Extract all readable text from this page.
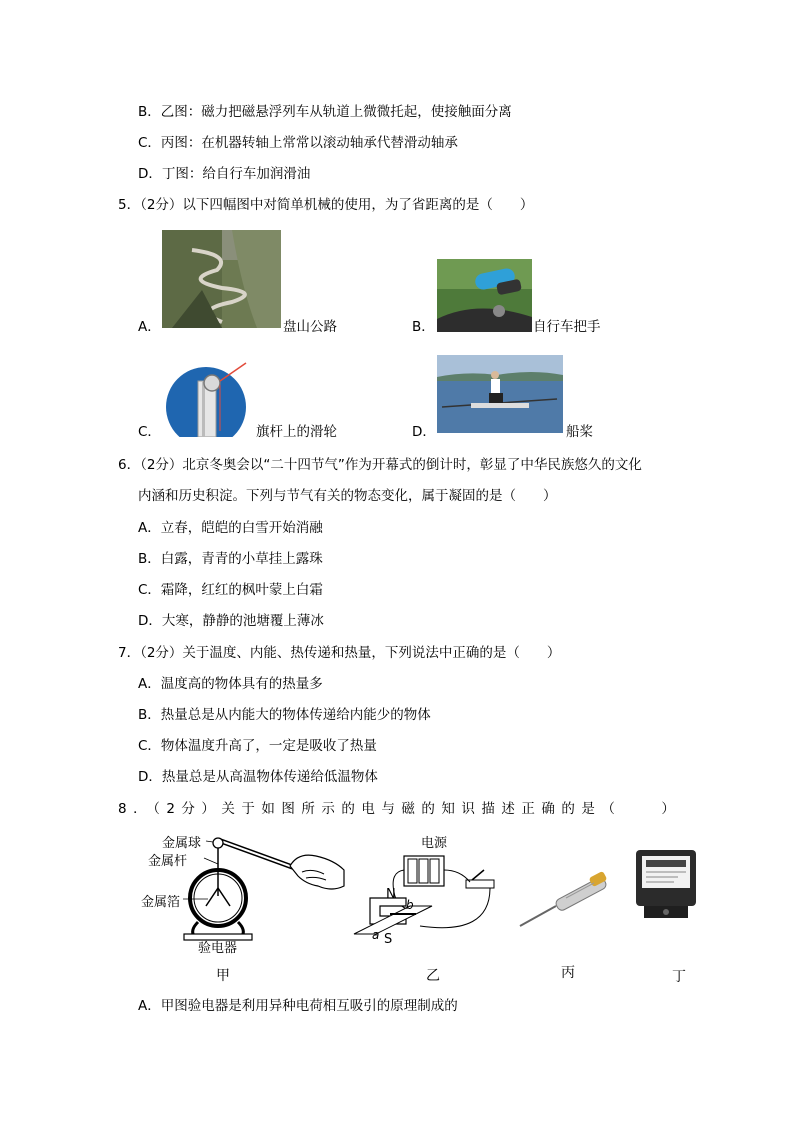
B．乙图：磁力把磁悬浮列车从轨道上微微托起，使接触面分离
C．丙图：在机器转轴上常常以滚动轴承代替滑动轴承
D．丁图：给自行车加润滑油
5．（2分）以下四幅图中对简单机械的使用，为了省距离的是（　　）
A．	盘山公路	B．	自行车把手
C．	旗杆上的滑轮	D．	船桨
6．（2分）北京冬奥会以“二十四节气”作为开幕式的倒计时，彰显了中华民族悠久的文化
内涵和历史积淀。下列与节气有关的物态变化，属于凝固的是（　　）
A．立春，皑皑的白雪开始消融
B．白露，青青的小草挂上露珠
C．霜降，红红的枫叶蒙上白霜
D．大寒，静静的池塘覆上薄冰
7．（2分）关于温度、内能、热传递和热量，下列说法中正确的是（　　）
A．温度高的物体具有的热量多
B．热量总是从内能大的物体传递给内能少的物体
C．物体温度升高了，一定是吸收了热量
D．热量总是从高温物体传递给低温物体
8．（2分）关于如图所示的电与磁的知识描述正确的是（　　）
金属球
金属杆
金属箔
验电器
甲
电源
N
b
a S
乙	丙	丁
A．甲图验电器是利用异种电荷相互吸引的原理制成的
